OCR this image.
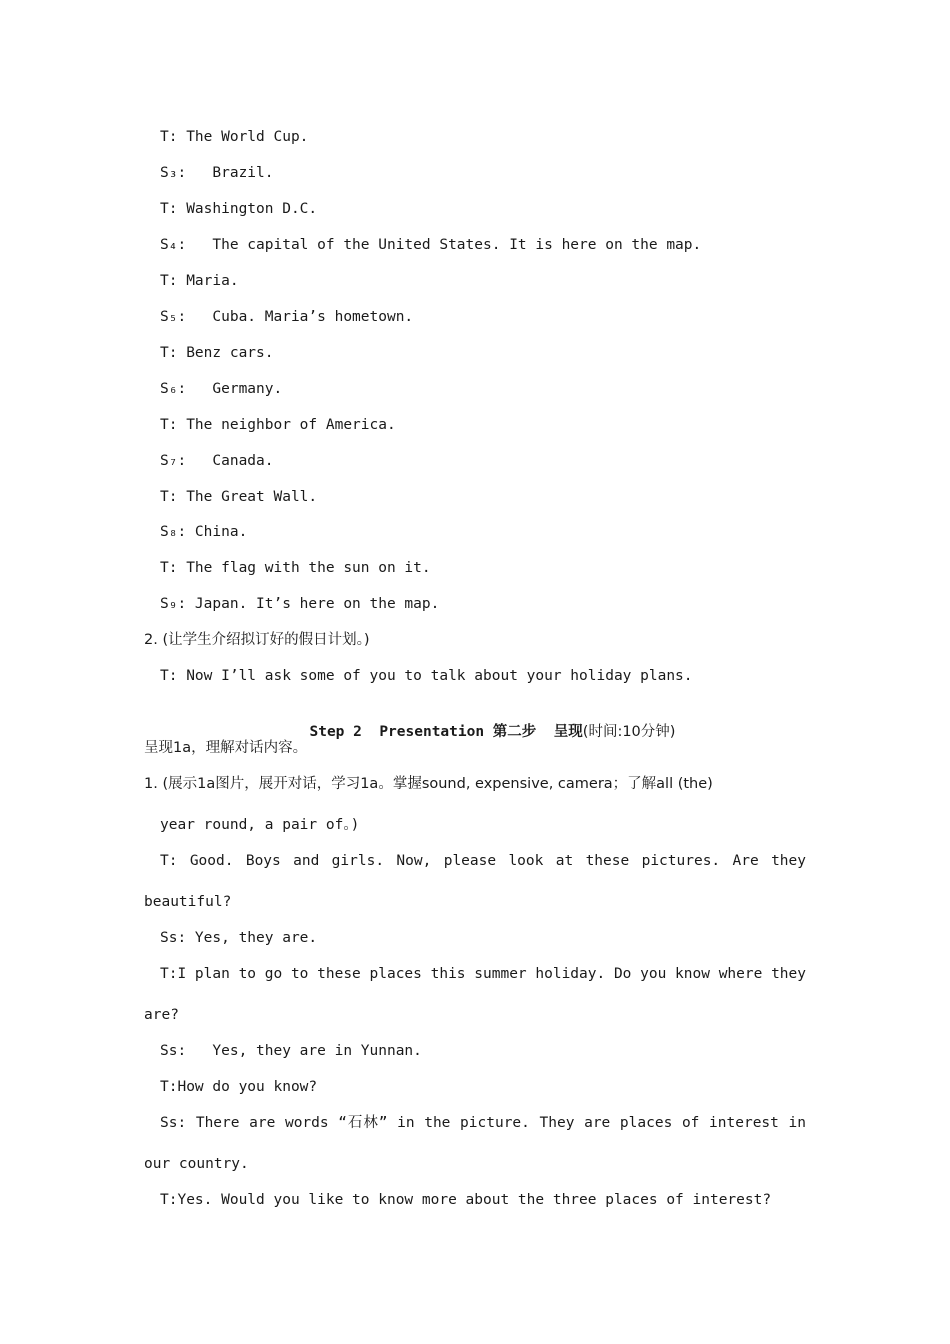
T: The World Cup.
S₃:   Brazil.
T: Washington D.C.
S₄:   The capital of the United States. It is here on the map.
T: Maria.
S₅:   Cuba. Maria’s hometown.
T: Benz cars.
S₆:   Germany.
T: The neighbor of America.
S₇:   Canada.
T: The Great Wall.
S₈: China.
T: The flag with the sun on it.
S₉: Japan. It’s here on the map.
2. (让学生介绍拟订好的假日计划。)
T: Now I’ll ask some of you to talk about your holiday plans.

Step 2  Presentation 第二步  呈现(时间:10分钟)

呈现1a，理解对话内容。
1. (展示1a图片，展开对话，学习1a。掌握sound, expensive, camera；了解all (the)
year round, a pair of。)
T: Good. Boys and girls. Now, please look at these pictures. Are they
beautiful?
Ss: Yes, they are.
T:I plan to go to these places this summer holiday. Do you know where they
are?
Ss:   Yes, they are in Yunnan.
T:How do you know?
Ss: There are words “石林” in the picture. They are places of interest in
our country.
T:Yes. Would you like to know more about the three places of interest?
